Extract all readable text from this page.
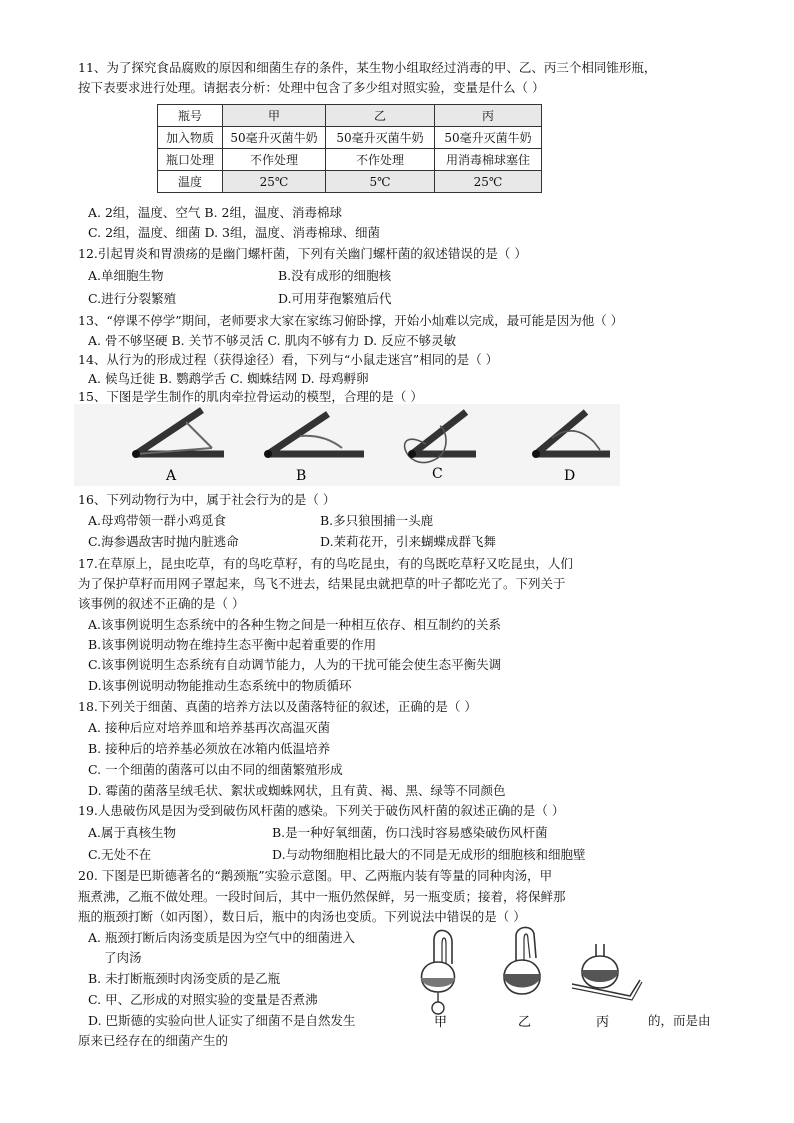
11、为了探究食品腐败的原因和细菌生存的条件，某生物小组取经过消毒的甲、乙、丙三个相同锥形瓶，
按下表要求进行处理。请据表分析：处理中包含了多少组对照实验，变量是什么（ ）
瓶号	甲	乙	丙
加入物质	50毫升灭菌牛奶	50毫升灭菌牛奶	50毫升灭菌牛奶
瓶口处理	不作处理	不作处理	用消毒棉球塞住
温度	25℃	5℃	25℃
A. 2组，温度、空气 B. 2组，温度、消毒棉球
C. 2组，温度、细菌 D. 3组，温度、消毒棉球、细菌
12.引起胃炎和胃溃疡的是幽门螺杆菌，下列有关幽门螺杆菌的叙述错误的是（ ）
A.单细胞生物	B.没有成形的细胞核
C.进行分裂繁殖	D.可用芽孢繁殖后代
13、“停课不停学”期间，老师要求大家在家练习俯卧撑，开始小灿难以完成，最可能是因为他（ ）
A. 骨不够坚硬 B. 关节不够灵活 C. 肌肉不够有力 D. 反应不够灵敏
14、从行为的形成过程（获得途径）看，下列与“小鼠走迷宫”相同的是（ ）
A. 候鸟迁徙 B. 鹦鹉学舌 C. 蜘蛛结网 D. 母鸡孵卵
15、下图是学生制作的肌肉牵拉骨运动的模型，合理的是（ ）
A	B	C	D
16、下列动物行为中，属于社会行为的是（ ）
A.母鸡带领一群小鸡觅食	B.多只狼围捕一头鹿
C.海参遇敌害时抛内脏逃命	D.茉莉花开，引来蝴蝶成群飞舞
17.在草原上，昆虫吃草，有的鸟吃草籽，有的鸟吃昆虫，有的鸟既吃草籽又吃昆虫，人们
为了保护草籽而用网子罩起来，鸟飞不进去，结果昆虫就把草的叶子都吃光了。下列关于
该事例的叙述不正确的是（ ）
A.该事例说明生态系统中的各种生物之间是一种相互依存、相互制约的关系
B.该事例说明动物在维持生态平衡中起着重要的作用
C.该事例说明生态系统有自动调节能力，人为的干扰可能会使生态平衡失调
D.该事例说明动物能推动生态系统中的物质循环
18.下列关于细菌、真菌的培养方法以及菌落特征的叙述，正确的是（ ）
A. 接种后应对培养皿和培养基再次高温灭菌
B. 接种后的培养基必须放在冰箱内低温培养
C. 一个细菌的菌落可以由不同的细菌繁殖形成
D. 霉菌的菌落呈绒毛状、絮状或蜘蛛网状，且有黄、褐、黑、绿等不同颜色
19.人患破伤风是因为受到破伤风杆菌的感染。下列关于破伤风杆菌的叙述正确的是（ ）
A.属于真核生物	B.是一种好氧细菌，伤口浅时容易感染破伤风杆菌
C.无处不在	D.与动物细胞相比最大的不同是无成形的细胞核和细胞壁
20. 下图是巴斯德著名的“鹅颈瓶”实验示意图。甲、乙两瓶内装有等量的同种肉汤，甲
瓶煮沸，乙瓶不做处理。一段时间后，其中一瓶仍然保鲜，另一瓶变质；接着，将保鲜那
瓶的瓶颈打断（如丙图），数日后，瓶中的肉汤也变质。下列说法中错误的是（ ）
A. 瓶颈打断后肉汤变质是因为空气中的细菌进入
了肉汤
B. 未打断瓶颈时肉汤变质的是乙瓶
C. 甲、乙形成的对照实验的变量是否煮沸
D. 巴斯德的实验向世人证实了细菌不是自然发生	的，而是由
原来已经存在的细菌产生的
甲	乙	丙
